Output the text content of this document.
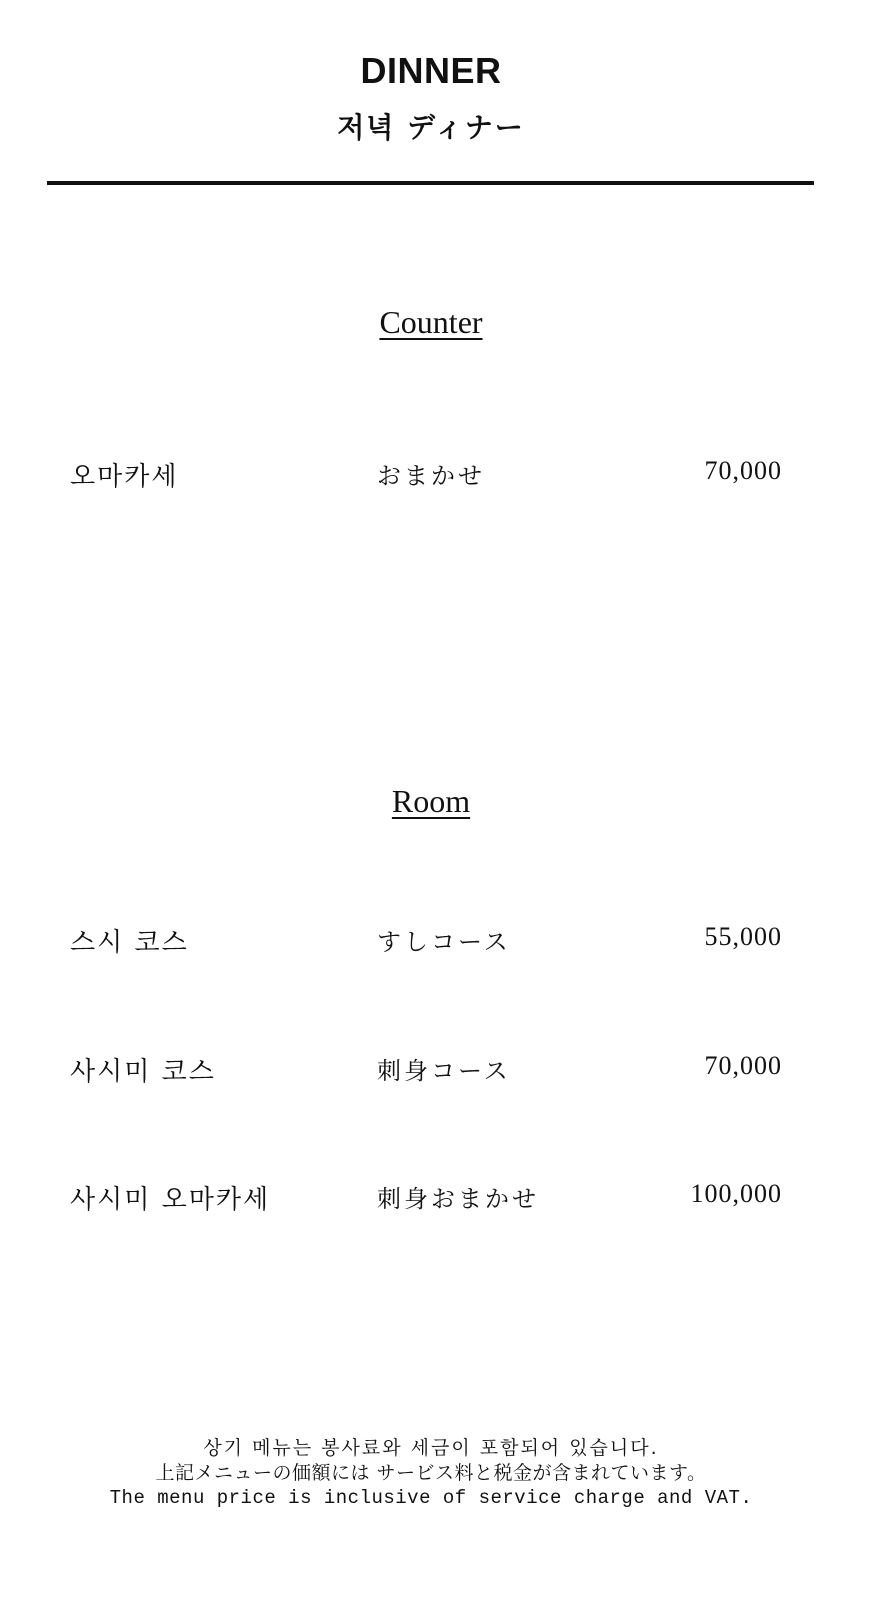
DINNER
저녁 ディナー
Counter
오마카세	おまかせ	70,000
Room
스시 코스	すしコース	55,000
사시미 코스	刺身コース	70,000
사시미 오마카세	刺身おまかせ	100,000
상기 메뉴는 봉사료와 세금이 포함되어 있습니다.
上記メニューの価額には サービス料と税金が含まれています。
The menu price is inclusive of service charge and VAT.
